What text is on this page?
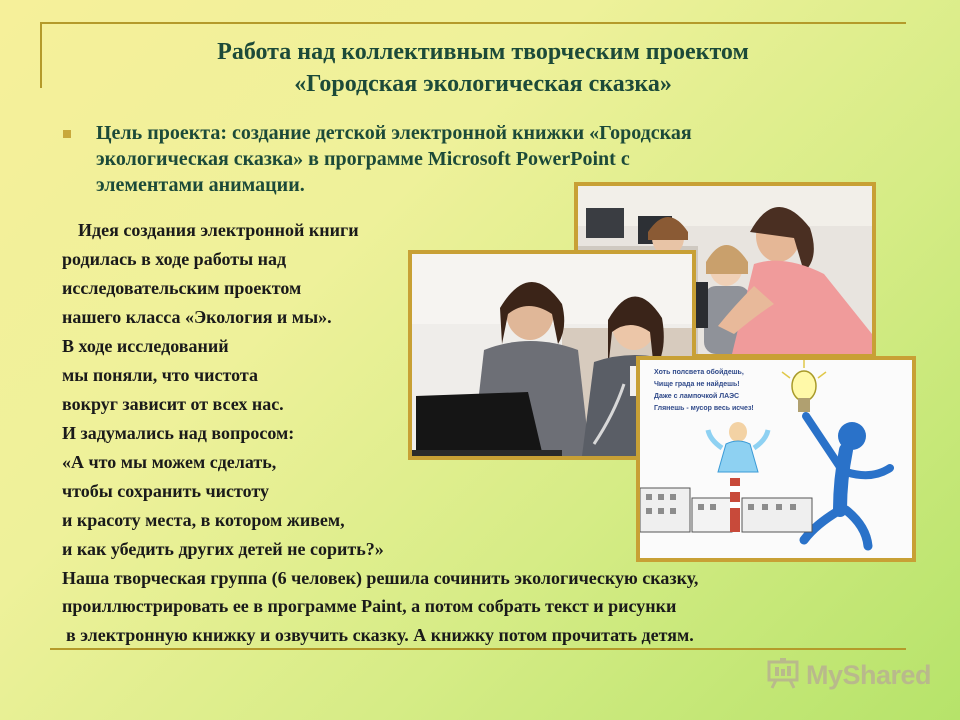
Работа над коллективным творческим проектом
«Городская экологическая сказка»
Цель проекта: создание детской электронной книжки «Городская
экологическая сказка» в программе Microsoft PowerPoint с
элементами анимации.
Хоть полсвета обойдешь,
Чище града не найдешь!
Даже с лампочкой ЛАЭС
Глянешь - мусор весь исчез!
Идея создания электронной книги
родилась в ходе работы над
исследовательским проектом
нашего класса «Экология и мы».
В ходе исследований
мы поняли, что чистота
вокруг зависит от всех нас.
И задумались над вопросом:
«А что мы можем сделать,
чтобы сохранить чистоту
и красоту места, в котором живем,
и как убедить других детей не сорить?»
Наша творческая группа (6 человек) решила сочинить экологическую сказку,
проиллюстрировать ее в программе Paint, а потом собрать текст и рисунки
в электронную книжку и озвучить сказку. А книжку потом прочитать детям.
MyShared
